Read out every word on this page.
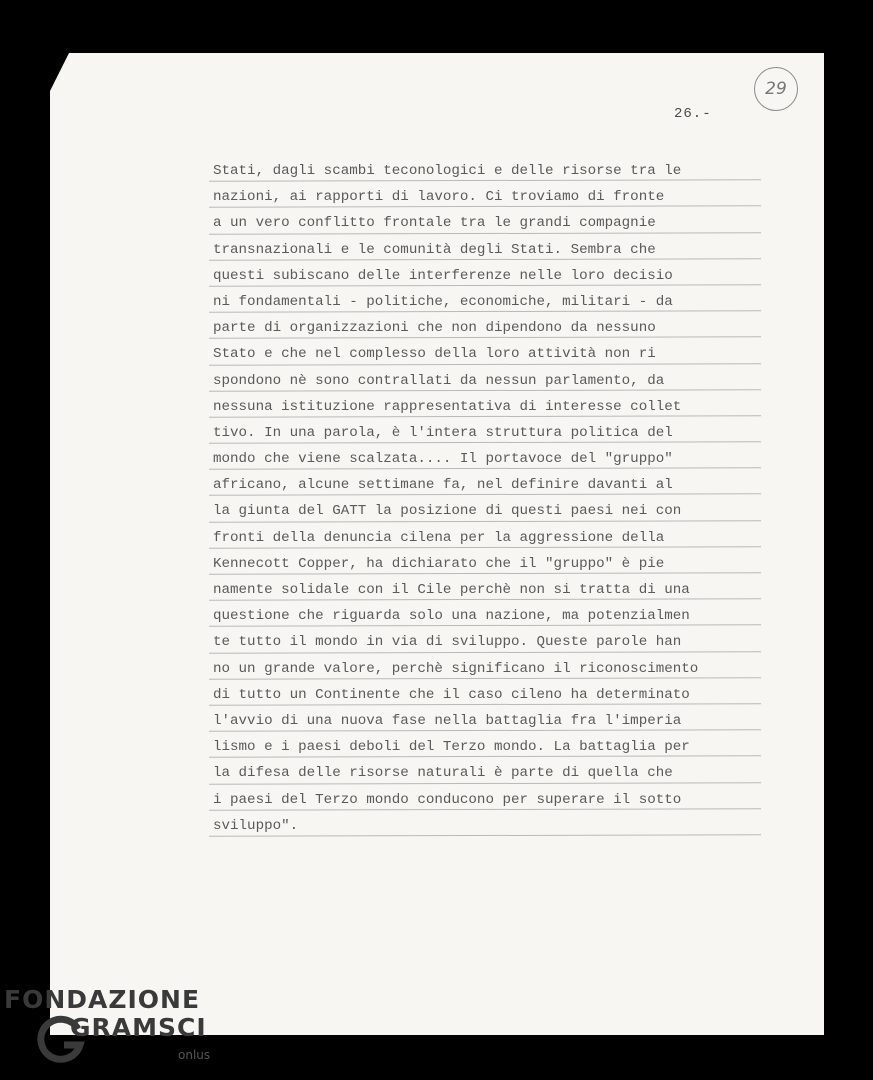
29
26.-
Stati, dagli scambi teconologici e delle risorse tra le
nazioni, ai rapporti di lavoro. Ci troviamo di fronte
a un vero conflitto frontale tra le grandi compagnie
transnazionali e le comunità degli Stati. Sembra che
questi subiscano delle interferenze nelle loro decisio
ni fondamentali - politiche, economiche, militari - da
parte di organizzazioni che non dipendono da nessuno
Stato e che nel complesso della loro attività non ri
spondono nè sono contrallati da nessun parlamento, da
nessuna istituzione rappresentativa di interesse collet
tivo. In una parola, è l'intera struttura politica del
mondo che viene scalzata.... Il portavoce del "gruppo"
africano, alcune settimane fa, nel definire davanti al
la giunta del GATT la posizione di questi paesi nei con
fronti della denuncia cilena per la aggressione della
Kennecott Copper, ha dichiarato che il "gruppo" è pie
namente solidale con il Cile perchè non si tratta di una
questione che riguarda solo una nazione, ma potenzialmen
te tutto il mondo in via di sviluppo. Queste parole han
no un grande valore, perchè significano il riconoscimento
di tutto un Continente che il caso cileno ha determinato
l'avvio di una nuova fase nella battaglia fra l'imperia
lismo e i paesi deboli del Terzo mondo. La battaglia per
la difesa delle risorse naturali è parte di quella che
i paesi del Terzo mondo conducono per superare il sotto
sviluppo".
FONDAZIONE
GRAMSCI
onlus
